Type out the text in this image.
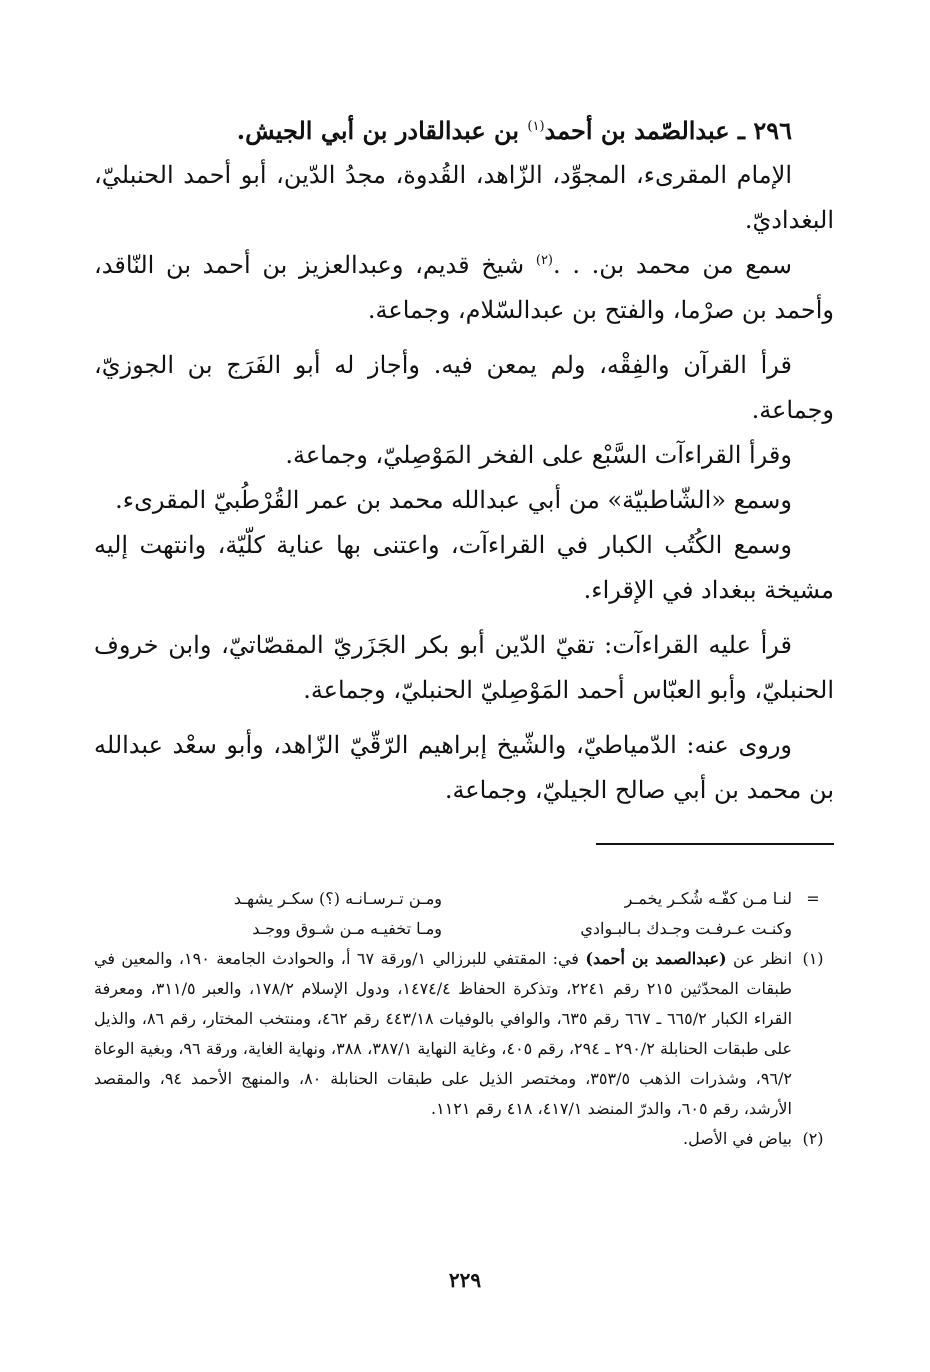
٢٩٦ ـ عبدالصّمد بن أحمد$^{(١)}$ بن عبدالقادر بن أبي الجيش.

الإمام المقرىء، المجوِّد، الزّاهد، القُدوة، مجدُ الدّين، أبو أحمد الحنبليّ، البغداديّ.

سمع من محمد بن. . .$^{(٢)}$ شيخ قديم، وعبدالعزيز بن أحمد بن النّاقد، وأحمد بن صرْما، والفتح بن عبدالسّلام، وجماعة.

قرأ القرآن والفِقْه، ولم يمعن فيه. وأجاز له أبو الفَرَج بن الجوزيّ، وجماعة.

وقرأ القراءآت السَّبْع على الفخر المَوْصِليّ، وجماعة.

وسمع «الشّاطبيّة» من أبي عبدالله محمد بن عمر القُرْطُبيّ المقرىء.

وسمع الكُتُب الكبار في القراءآت، واعتنى بها عناية كلّيّة، وانتهت إليه مشيخة ببغداد في الإقراء.

قرأ عليه القراءآت: تقيّ الدّين أبو بكر الجَزَريّ المقصّاتيّ، وابن خروف الحنبليّ، وأبو العبّاس أحمد المَوْصِليّ الحنبليّ، وجماعة.

وروى عنه: الدّمياطيّ، والشّيخ إبراهيم الرّقّيّ الزّاهد، وأبو سعْد عبدالله بن محمد بن أبي صالح الجيليّ، وجماعة.

=
لنـا مـن كفّـه شُكـر يخمـر
ومـن تـرسـانـه (؟) سكـر يشهـد
وكنـت عـرفـت وجـدك بـالبـوادي
ومـا تخفيـه مـن شـوق ووجـد
(١)
انظر عن (عبدالصمد بن أحمد) في: المقتفي للبرزالي ١/ورقة ٦٧ أ، والحوادث الجامعة ١٩٠، والمعين في طبقات المحدّثين ٢١٥ رقم ٢٢٤١، وتذكرة الحفاظ ١٤٧٤/٤، ودول الإسلام ١٧٨/٢، والعبر ٣١١/٥، ومعرفة القراء الكبار ٦٦٥/٢ ـ ٦٦٧ رقم ٦٣٥، والوافي بالوفيات ٤٤٣/١٨ رقم ٤٦٢، ومنتخب المختار، رقم ٨٦، والذيل على طبقات الحنابلة ٢٩٠/٢ ـ ٢٩٤، رقم ٤٠٥، وغاية النهاية ٣٨٧/١، ٣٨٨، ونهاية الغاية، ورقة ٩٦، وبغية الوعاة ٩٦/٢، وشذرات الذهب ٣٥٣/٥، ومختصر الذيل على طبقات الحنابلة ٨٠، والمنهج الأحمد ٩٤، والمقصد الأرشد، رقم ٦٠٥، والدرّ المنضد ٤١٧/١، ٤١٨ رقم ١١٢١.
(٢)
بياض في الأصل.
٢٢٩
